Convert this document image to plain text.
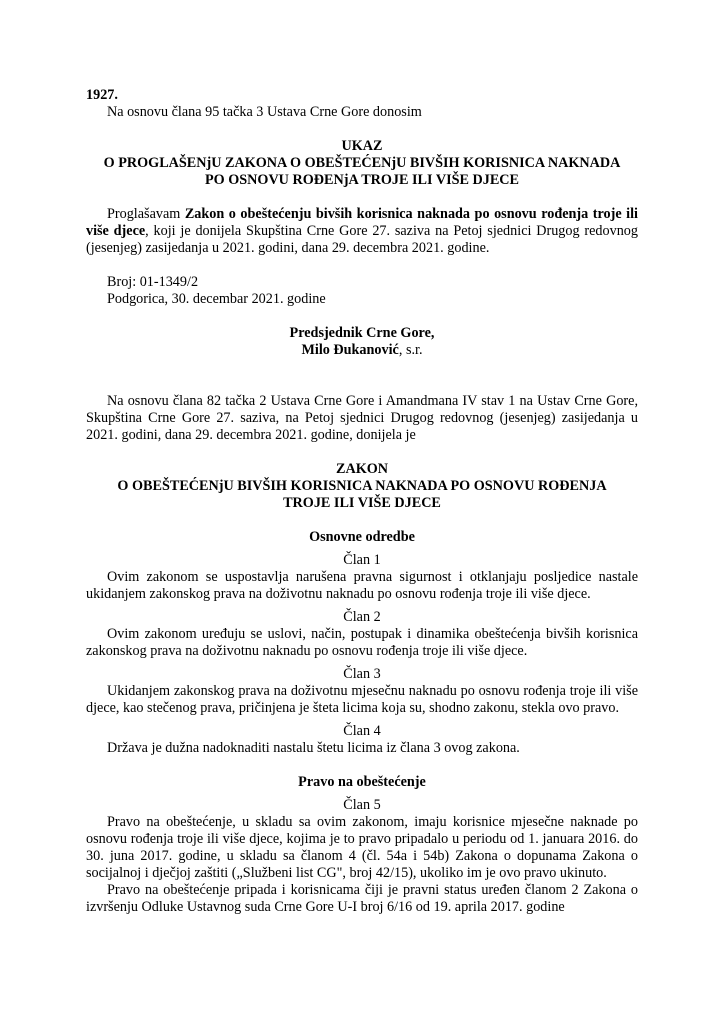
1927.

Na osnovu člana 95 tačka 3 Ustava Crne Gore donosim

UKAZ

O PROGLAŠENjU ZAKONA O OBEŠTEĆENjU BIVŠIH KORISNICA NAKNADA

PO OSNOVU ROĐENjA TROJE ILI VIŠE DJECE

Proglašavam Zakon o obeštećenju bivših korisnica naknada po osnovu rođenja troje ili više djece, koji je donijela Skupština Crne Gore 27. saziva na Petoj sjednici Drugog redovnog (jesenjeg) zasijedanja u 2021. godini, dana 29. decembra 2021. godine.

Broj: 01-1349/2

Podgorica, 30. decembar 2021. godine

Predsjednik Crne Gore,

Milo Đukanović, s.r.

Na osnovu člana 82 tačka 2 Ustava Crne Gore i Amandmana IV stav 1 na Ustav Crne Gore, Skupština Crne Gore 27. saziva, na Petoj sjednici Drugog redovnog (jesenjeg) zasijedanja u 2021. godini, dana 29. decembra 2021. godine, donijela je

ZAKON

O OBEŠTEĆENjU BIVŠIH KORISNICA NAKNADA PO OSNOVU ROĐENJA

TROJE ILI VIŠE DJECE

Osnovne odredbe

Član 1

Ovim zakonom se uspostavlja narušena pravna sigurnost i otklanjaju posljedice nastale ukidanjem zakonskog prava na doživotnu naknadu po osnovu rođenja troje ili više djece.

Član 2

Ovim zakonom uređuju se uslovi, način, postupak i dinamika obeštećenja bivših korisnica zakonskog prava na doživotnu naknadu po osnovu rođenja troje ili više djece.

Član 3

Ukidanjem zakonskog prava na doživotnu mjesečnu naknadu po osnovu rođenja troje ili više djece, kao stečenog prava, pričinjena je šteta licima koja su, shodno zakonu, stekla ovo pravo.

Član 4

Država je dužna nadoknaditi nastalu štetu licima iz člana 3 ovog zakona.

Pravo na obeštećenje

Član 5

Pravo na obeštećenje, u skladu sa ovim zakonom, imaju korisnice mjesečne naknade po osnovu rođenja troje ili više djece, kojima je to pravo pripadalo u periodu od 1. januara 2016. do 30. juna 2017. godine, u skladu sa članom 4 (čl. 54a i 54b) Zakona o dopunama Zakona o socijalnoj i dječjoj zaštiti („Službeni list CG", broj 42/15), ukoliko im je ovo pravo ukinuto.

Pravo na obeštećenje pripada i korisnicama čiji je pravni status uređen članom 2 Zakona o izvršenju Odluke Ustavnog suda Crne Gore U-I broj 6/16 od 19. aprila 2017. godine
